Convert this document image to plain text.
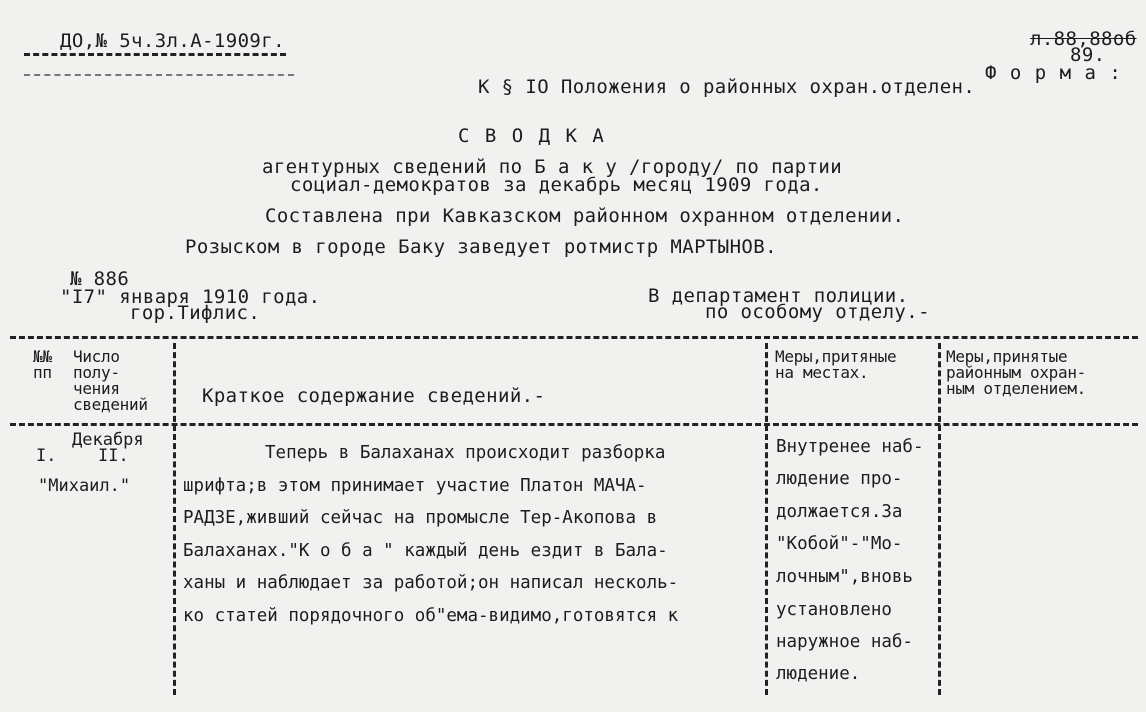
ДО,№ 5ч.3л.А-1909г.	л.88,88об
89.
Ф о р м а :
К § IO Положения о районных охран.отделен.
С В О Д К А
агентурных сведений по Б а к у /городу/ по партии
социал-демократов за декабрь месяц 1909 года.
Составлена при Кавказском районном охранном отделении.
Розыском в городе Баку заведует ротмистр МАРТЫНОВ.
№ 886
"I7" января 1910 года.
гор.Тифлис.
В департамент полиции.
по особому отделу.-
№№
пп
Число
полу-
чения
сведений	Краткое содержание сведений.-
Меры,притяные
на местах.
Меры,принятые
районным охран-
ным отделением.
Декабря
I. II.
"Михаил."
Теперь в Балаханах происходит разборка
шрифта;в этом принимает участие Платон МАЧА-
РАДЗЕ,живший сейчас на промысле Тер-Акопова в
Балаханах."К о б а " каждый день ездит в Бала-
ханы и наблюдает за работой;он написал несколь-
ко статей порядочного об"ема-видимо,готовятся к
Внутренее наб-
людение про-
должается.За
"Кобой"-"Мо-
лочным",вновь
установлено
наружное наб-
людение.
